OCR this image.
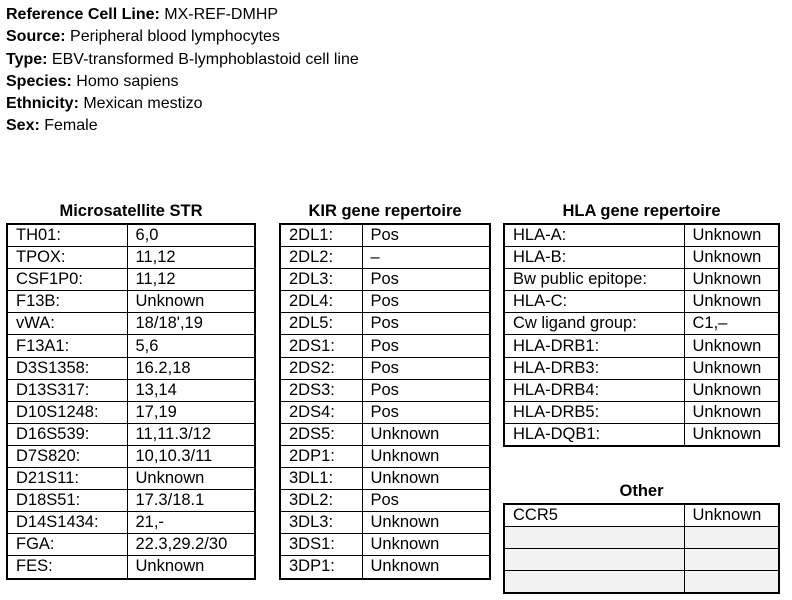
Reference Cell Line: MX-REF-DMHP
Source: Peripheral blood lymphocytes
Type: EBV-transformed B-lymphoblastoid cell line
Species: Homo sapiens
Ethnicity: Mexican mestizo
Sex: Female
Microsatellite STR
TH01:	6,0
TPOX:	11,12
CSF1P0:	11,12
F13B:	Unknown
vWA:	18/18',19
F13A1:	5,6
D3S1358:	16.2,18
D13S317:	13,14
D10S1248:	17,19
D16S539:	11,11.3/12
D7S820:	10,10.3/11
D21S11:	Unknown
D18S51:	17.3/18.1
D14S1434:	21,-
FGA:	22.3,29.2/30
FES:	Unknown
KIR gene repertoire
2DL1:	Pos
2DL2:	–
2DL3:	Pos
2DL4:	Pos
2DL5:	Pos
2DS1:	Pos
2DS2:	Pos
2DS3:	Pos
2DS4:	Pos
2DS5:	Unknown
2DP1:	Unknown
3DL1:	Unknown
3DL2:	Pos
3DL3:	Unknown
3DS1:	Unknown
3DP1:	Unknown
HLA gene repertoire
HLA-A:	Unknown
HLA-B:	Unknown
Bw public epitope:	Unknown
HLA-C:	Unknown
Cw ligand group:	C1,–
HLA-DRB1:	Unknown
HLA-DRB3:	Unknown
HLA-DRB4:	Unknown
HLA-DRB5:	Unknown
HLA-DQB1:	Unknown
Other
CCR5	Unknown
